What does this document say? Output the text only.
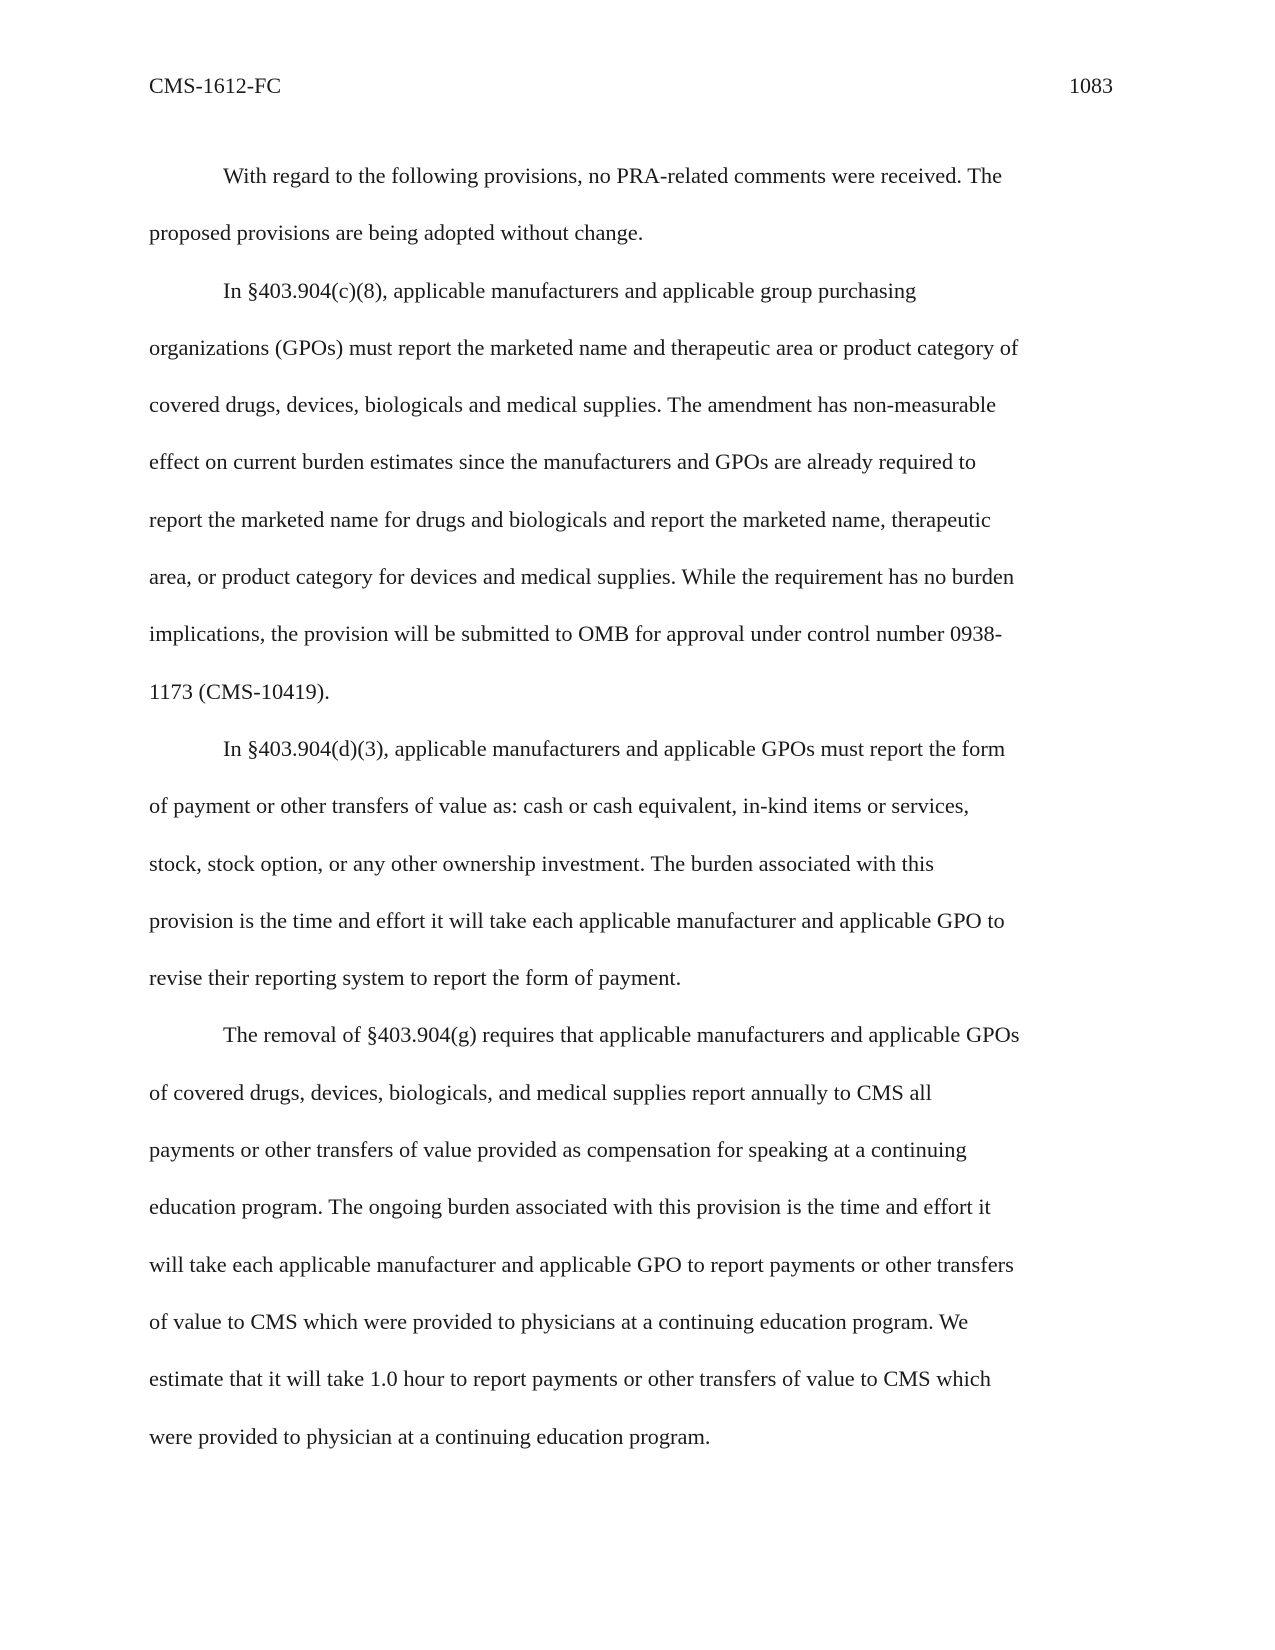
CMS-1612-FC	1083
With regard to the following provisions, no PRA-related comments were received. The
proposed provisions are being adopted without change.
In §403.904(c)(8), applicable manufacturers and applicable group purchasing
organizations (GPOs) must report the marketed name and therapeutic area or product category of
covered drugs, devices, biologicals and medical supplies. The amendment has non-measurable
effect on current burden estimates since the manufacturers and GPOs are already required to
report the marketed name for drugs and biologicals and report the marketed name, therapeutic
area, or product category for devices and medical supplies. While the requirement has no burden
implications, the provision will be submitted to OMB for approval under control number 0938-
1173 (CMS-10419).
In §403.904(d)(3), applicable manufacturers and applicable GPOs must report the form
of payment or other transfers of value as: cash or cash equivalent, in-kind items or services,
stock, stock option, or any other ownership investment. The burden associated with this
provision is the time and effort it will take each applicable manufacturer and applicable GPO to
revise their reporting system to report the form of payment.
The removal of §403.904(g) requires that applicable manufacturers and applicable GPOs
of covered drugs, devices, biologicals, and medical supplies report annually to CMS all
payments or other transfers of value provided as compensation for speaking at a continuing
education program. The ongoing burden associated with this provision is the time and effort it
will take each applicable manufacturer and applicable GPO to report payments or other transfers
of value to CMS which were provided to physicians at a continuing education program. We
estimate that it will take 1.0 hour to report payments or other transfers of value to CMS which
were provided to physician at a continuing education program.
